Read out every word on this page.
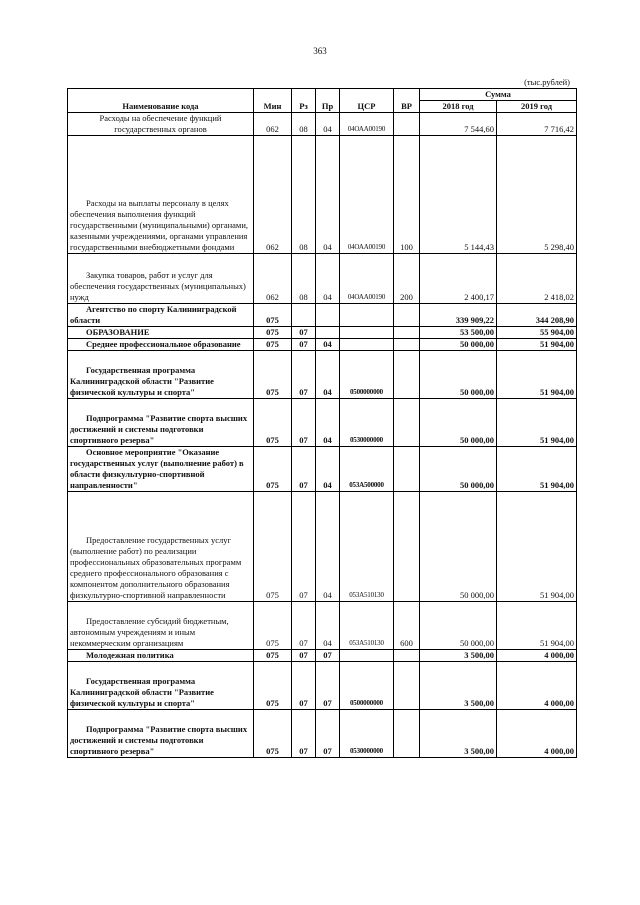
363
(тыс.рублей)
Наименование кода	Мин	Рз	Пр	ЦСР	ВР	Сумма	
						2018 год	2019 год

Расходы на обеспечение функций государственных органов	062	08	04	04ОАА00190		7 544,60	7 716,42

Расходы на выплаты персоналу в целях обеспечения выполнения функций государственными (муниципальными) органами, казенными учреждениями, органами управления государственными внебюджетными фондами	062	08	04	04ОАА00190	100	5 144,43	5 298,40

Закупка товаров, работ и услуг для обеспечения государственных (муниципальных) нужд	062	08	04	04ОАА00190	200	2 400,17	2 418,02

Агентство по спорту Калининградской области	075					339 909,22	344 208,90

ОБРАЗОВАНИЕ	075	07				53 500,00	55 904,00

Среднее профессиональное образование	075	07	04			50 000,00	51 904,00

Государственная программа Калининградской области "Развитие физической культуры и спорта"	075	07	04	0500000000		50 000,00	51 904,00

Подпрограмма "Развитие спорта высших достижений и системы подготовки спортивного резерва"	075	07	04	0530000000		50 000,00	51 904,00

Основное мероприятие "Оказание государственных услуг (выполнение работ) в области физкультурно-спортивной направленности"	075	07	04	053А500000		50 000,00	51 904,00

Предоставление государственных услуг (выполнение работ) по реализации профессиональных образовательных программ среднего профессионального образования с компонентом дополнительного образования физкультурно-спортивной направленности	075	07	04	053А510130		50 000,00	51 904,00

Предоставление субсидий бюджетным, автономным учреждениям и иным некоммерческим организациям	075	07	04	053А510130	600	50 000,00	51 904,00

Молодежная политика	075	07	07			3 500,00	4 000,00

Государственная программа Калининградской области "Развитие физической культуры и спорта"	075	07	07	0500000000		3 500,00	4 000,00

Подпрограмма "Развитие спорта высших достижений и системы подготовки спортивного резерва"	075	07	07	0530000000		3 500,00	4 000,00
